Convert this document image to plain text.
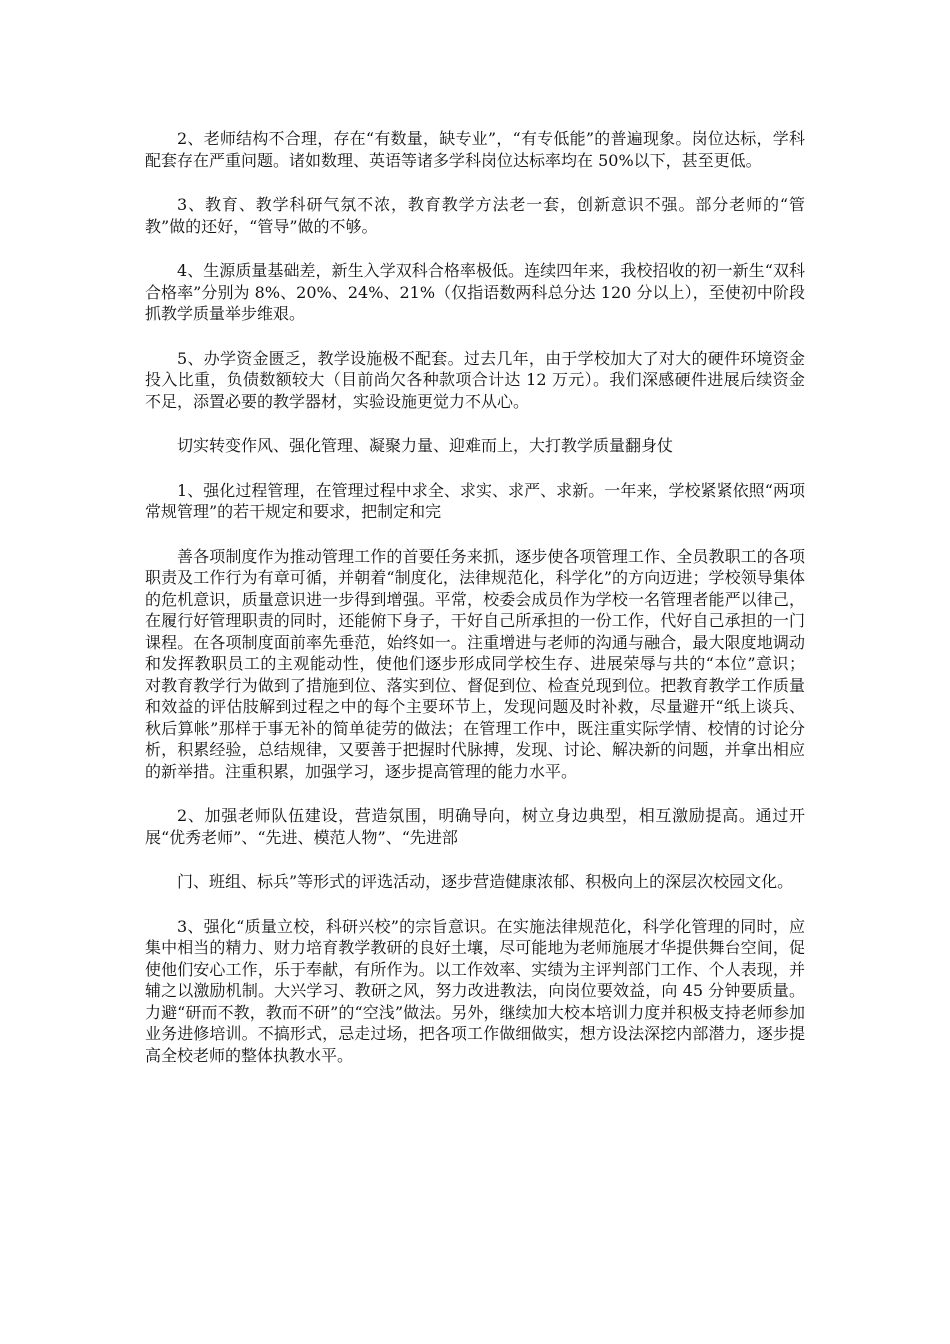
2、老师结构不合理，存在“有数量，缺专业”，“有专低能”的普遍现象。岗位达标，学科配套存在严重问题。诸如数理、英语等诸多学科岗位达标率均在 50%以下，甚至更低。

3、教育、教学科研气氛不浓，教育教学方法老一套，创新意识不强。部分老师的“管教”做的还好，“管导”做的不够。

4、生源质量基础差，新生入学双科合格率极低。连续四年来，我校招收的初一新生“双科合格率”分别为 8%、20%、24%、21%（仅指语数两科总分达 120 分以上），至使初中阶段抓教学质量举步维艰。

5、办学资金匮乏，教学设施极不配套。过去几年，由于学校加大了对大的硬件环境资金投入比重，负债数额较大（目前尚欠各种款项合计达 12 万元）。我们深感硬件进展后续资金不足，添置必要的教学器材，实验设施更觉力不从心。

切实转变作风、强化管理、凝聚力量、迎难而上，大打教学质量翻身仗

1、强化过程管理，在管理过程中求全、求实、求严、求新。一年来，学校紧紧依照“两项常规管理”的若干规定和要求，把制定和完

善各项制度作为推动管理工作的首要任务来抓，逐步使各项管理工作、全员教职工的各项职责及工作行为有章可循，并朝着“制度化，法律规范化，科学化”的方向迈进；学校领导集体的危机意识，质量意识进一步得到增强。平常，校委会成员作为学校一名管理者能严以律己，在履行好管理职责的同时，还能俯下身子，干好自己所承担的一份工作，代好自己承担的一门课程。在各项制度面前率先垂范，始终如一。注重增进与老师的沟通与融合，最大限度地调动和发挥教职员工的主观能动性，使他们逐步形成同学校生存、进展荣辱与共的“本位”意识； 对教育教学行为做到了措施到位、落实到位、督促到位、检查兑现到位。把教育教学工作质量和效益的评估肢解到过程之中的每个主要环节上，发现问题及时补救，尽量避开“纸上谈兵、秋后算帐”那样于事无补的简单徒劳的做法；在管理工作中，既注重实际学情、校情的讨论分析，积累经验，总结规律，又要善于把握时代脉搏，发现、讨论、解决新的问题，并拿出相应的新举措。注重积累，加强学习，逐步提高管理的能力水平。

2、加强老师队伍建设，营造氛围，明确导向，树立身边典型，相互激励提高。通过开展“优秀老师”、“先进、模范人物”、“先进部

门、班组、标兵”等形式的评选活动，逐步营造健康浓郁、积极向上的深层次校园文化。

3、强化“质量立校，科研兴校”的宗旨意识。在实施法律规范化，科学化管理的同时，应集中相当的精力、财力培育教学教研的良好土壤，尽可能地为老师施展才华提供舞台空间，促使他们安心工作，乐于奉献，有所作为。以工作效率、实绩为主评判部门工作、个人表现，并辅之以激励机制。大兴学习、教研之风，努力改进教法，向岗位要效益，向 45 分钟要质量。力避“研而不教，教而不研”的“空浅”做法。另外，继续加大校本培训力度并积极支持老师参加业务进修培训。不搞形式，忌走过场，把各项工作做细做实，想方设法深挖内部潜力，逐步提高全校老师的整体执教水平。
